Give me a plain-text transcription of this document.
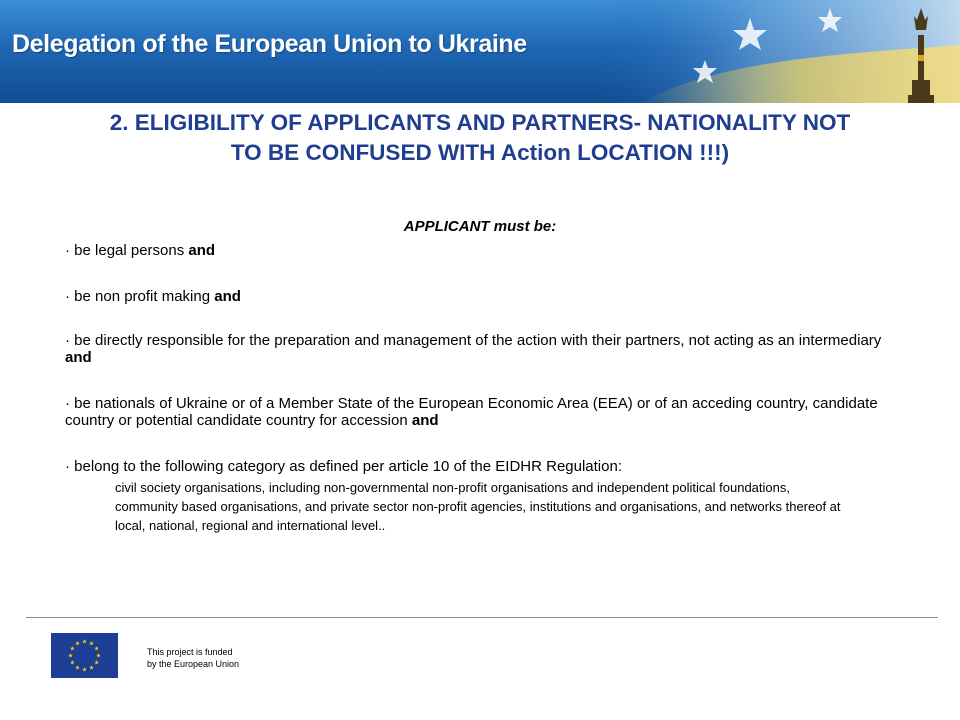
Delegation of the European Union to Ukraine
2. ELIGIBILITY OF APPLICANTS AND PARTNERS- NATIONALITY NOT
TO BE CONFUSED WITH Action LOCATION !!!)

APPLICANT must be:

· be legal persons and

· be non profit making and

· be directly responsible for the preparation and management of the action with their partners, not acting as an intermediary and

· be nationals of Ukraine or of a Member State of the European Economic Area (EEA) or of an acceding country, candidate country or potential candidate country for accession and

· belong to the following category as defined per article 10 of the EIDHR Regulation:

civil society organisations, including non-governmental non-profit organisations and independent political foundations, community based organisations, and private sector non-profit agencies, institutions and organisations, and networks thereof at local, national, regional and international level..

This project is funded
by the European Union
